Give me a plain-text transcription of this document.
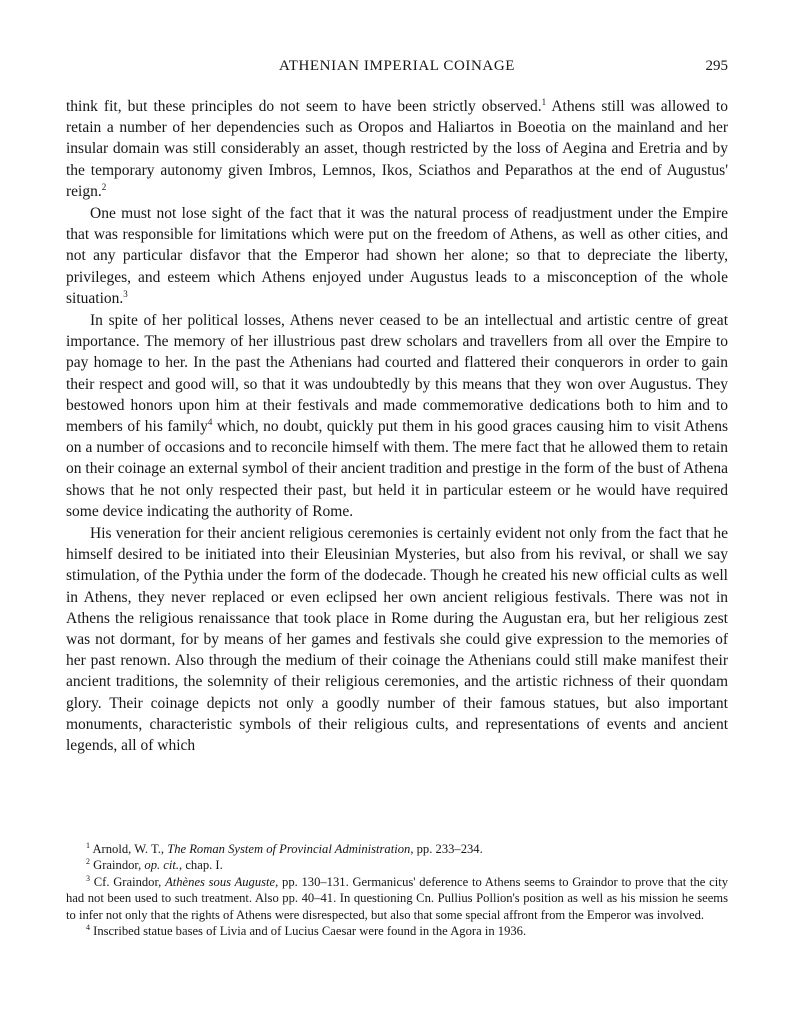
ATHENIAN IMPERIAL COINAGE	295

think fit, but these principles do not seem to have been strictly observed.$^1$ Athens still was allowed to retain a number of her dependencies such as Oropos and Haliartos in Boeotia on the mainland and her insular domain was still considerably an asset, though restricted by the loss of Aegina and Eretria and by the temporary autonomy given Imbros, Lemnos, Ikos, Sciathos and Peparathos at the end of Augustus' reign.$^2$

One must not lose sight of the fact that it was the natural process of readjustment under the Empire that was responsible for limitations which were put on the freedom of Athens, as well as other cities, and not any particular disfavor that the Emperor had shown her alone; so that to depreciate the liberty, privileges, and esteem which Athens enjoyed under Augustus leads to a misconception of the whole situation.$^3$

In spite of her political losses, Athens never ceased to be an intellectual and artistic centre of great importance. The memory of her illustrious past drew scholars and travellers from all over the Empire to pay homage to her. In the past the Athenians had courted and flattered their conquerors in order to gain their respect and good will, so that it was undoubtedly by this means that they won over Augustus. They bestowed honors upon him at their festivals and made commemorative dedications both to him and to members of his family$^4$ which, no doubt, quickly put them in his good graces causing him to visit Athens on a number of occasions and to reconcile himself with them. The mere fact that he allowed them to retain on their coinage an external symbol of their ancient tradition and prestige in the form of the bust of Athena shows that he not only respected their past, but held it in particular esteem or he would have required some device indicating the authority of Rome.

His veneration for their ancient religious ceremonies is certainly evident not only from the fact that he himself desired to be initiated into their Eleusinian Mysteries, but also from his revival, or shall we say stimulation, of the Pythia under the form of the dodecade. Though he created his new official cults as well in Athens, they never replaced or even eclipsed her own ancient religious festivals. There was not in Athens the religious renaissance that took place in Rome during the Augustan era, but her religious zest was not dormant, for by means of her games and festivals she could give expression to the memories of her past renown. Also through the medium of their coinage the Athenians could still make manifest their ancient traditions, the solemnity of their religious ceremonies, and the artistic richness of their quondam glory. Their coinage depicts not only a goodly number of their famous statues, but also important monuments, characteristic symbols of their religious cults, and representations of events and ancient legends, all of which

$^1$ Arnold, W. T., The Roman System of Provincial Administration, pp. 233–234.

$^2$ Graindor, op. cit., chap. I.

$^3$ Cf. Graindor, Athènes sous Auguste, pp. 130–131. Germanicus' deference to Athens seems to Graindor to prove that the city had not been used to such treatment. Also pp. 40–41. In questioning Cn. Pullius Pollion's position as well as his mission he seems to infer not only that the rights of Athens were disrespected, but also that some special affront from the Emperor was involved.

$^4$ Inscribed statue bases of Livia and of Lucius Caesar were found in the Agora in 1936.
